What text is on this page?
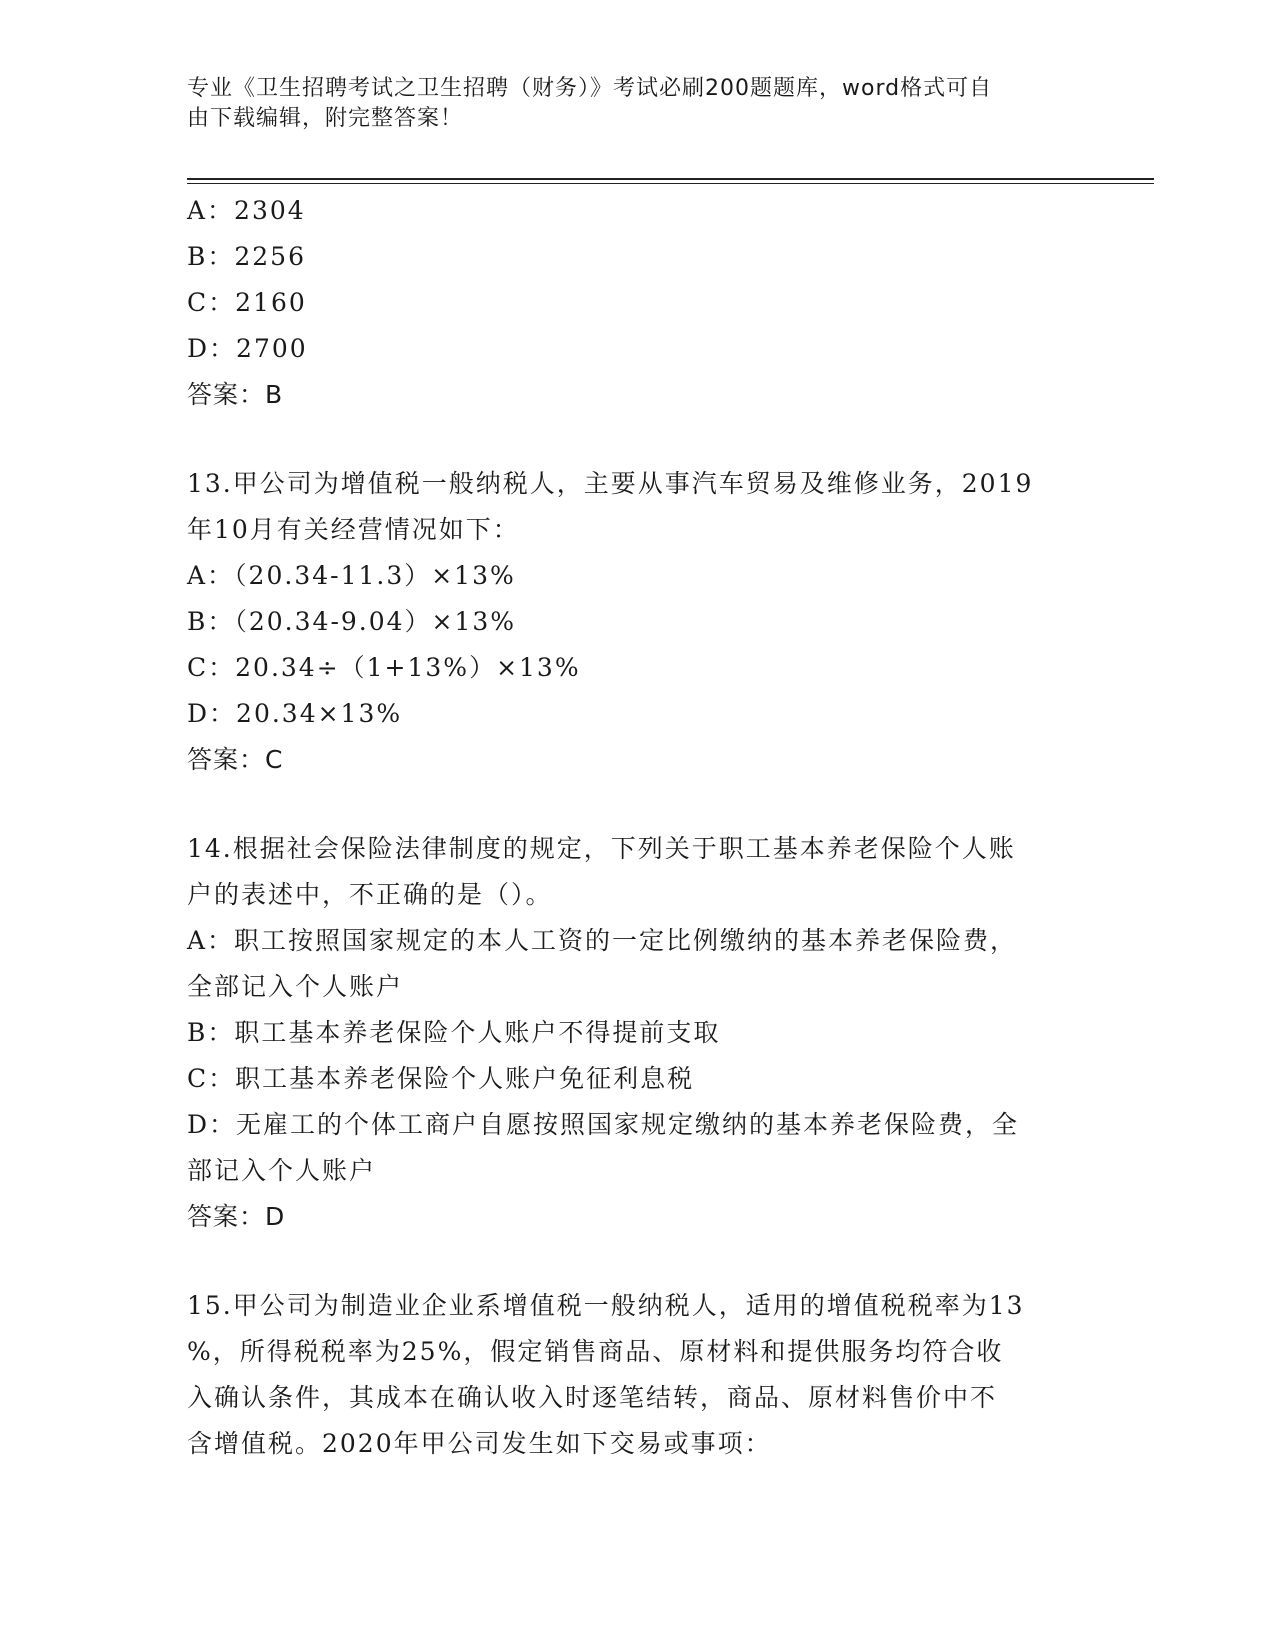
专业《卫生招聘考试之卫生招聘（财务）》考试必刷200题题库，word格式可自
由下载编辑，附完整答案！
A：2304
B：2256
C：2160
D：2700
答案：B
13.甲公司为增值税一般纳税人，主要从事汽车贸易及维修业务，2019
年10月有关经营情况如下：
A：（20.34-11.3）×13%
B：（20.34-9.04）×13%
C：20.34÷（1+13%）×13%
D：20.34×13%
答案：C
14.根据社会保险法律制度的规定，下列关于职工基本养老保险个人账
户的表述中，不正确的是（）。
A：职工按照国家规定的本人工资的一定比例缴纳的基本养老保险费，
全部记入个人账户
B：职工基本养老保险个人账户不得提前支取
C：职工基本养老保险个人账户免征利息税
D：无雇工的个体工商户自愿按照国家规定缴纳的基本养老保险费，全
部记入个人账户
答案：D
15.甲公司为制造业企业系增值税一般纳税人，适用的增值税税率为13
%，所得税税率为25%，假定销售商品、原材料和提供服务均符合收
入确认条件，其成本在确认收入时逐笔结转，商品、原材料售价中不
含增值税。2020年甲公司发生如下交易或事项：
